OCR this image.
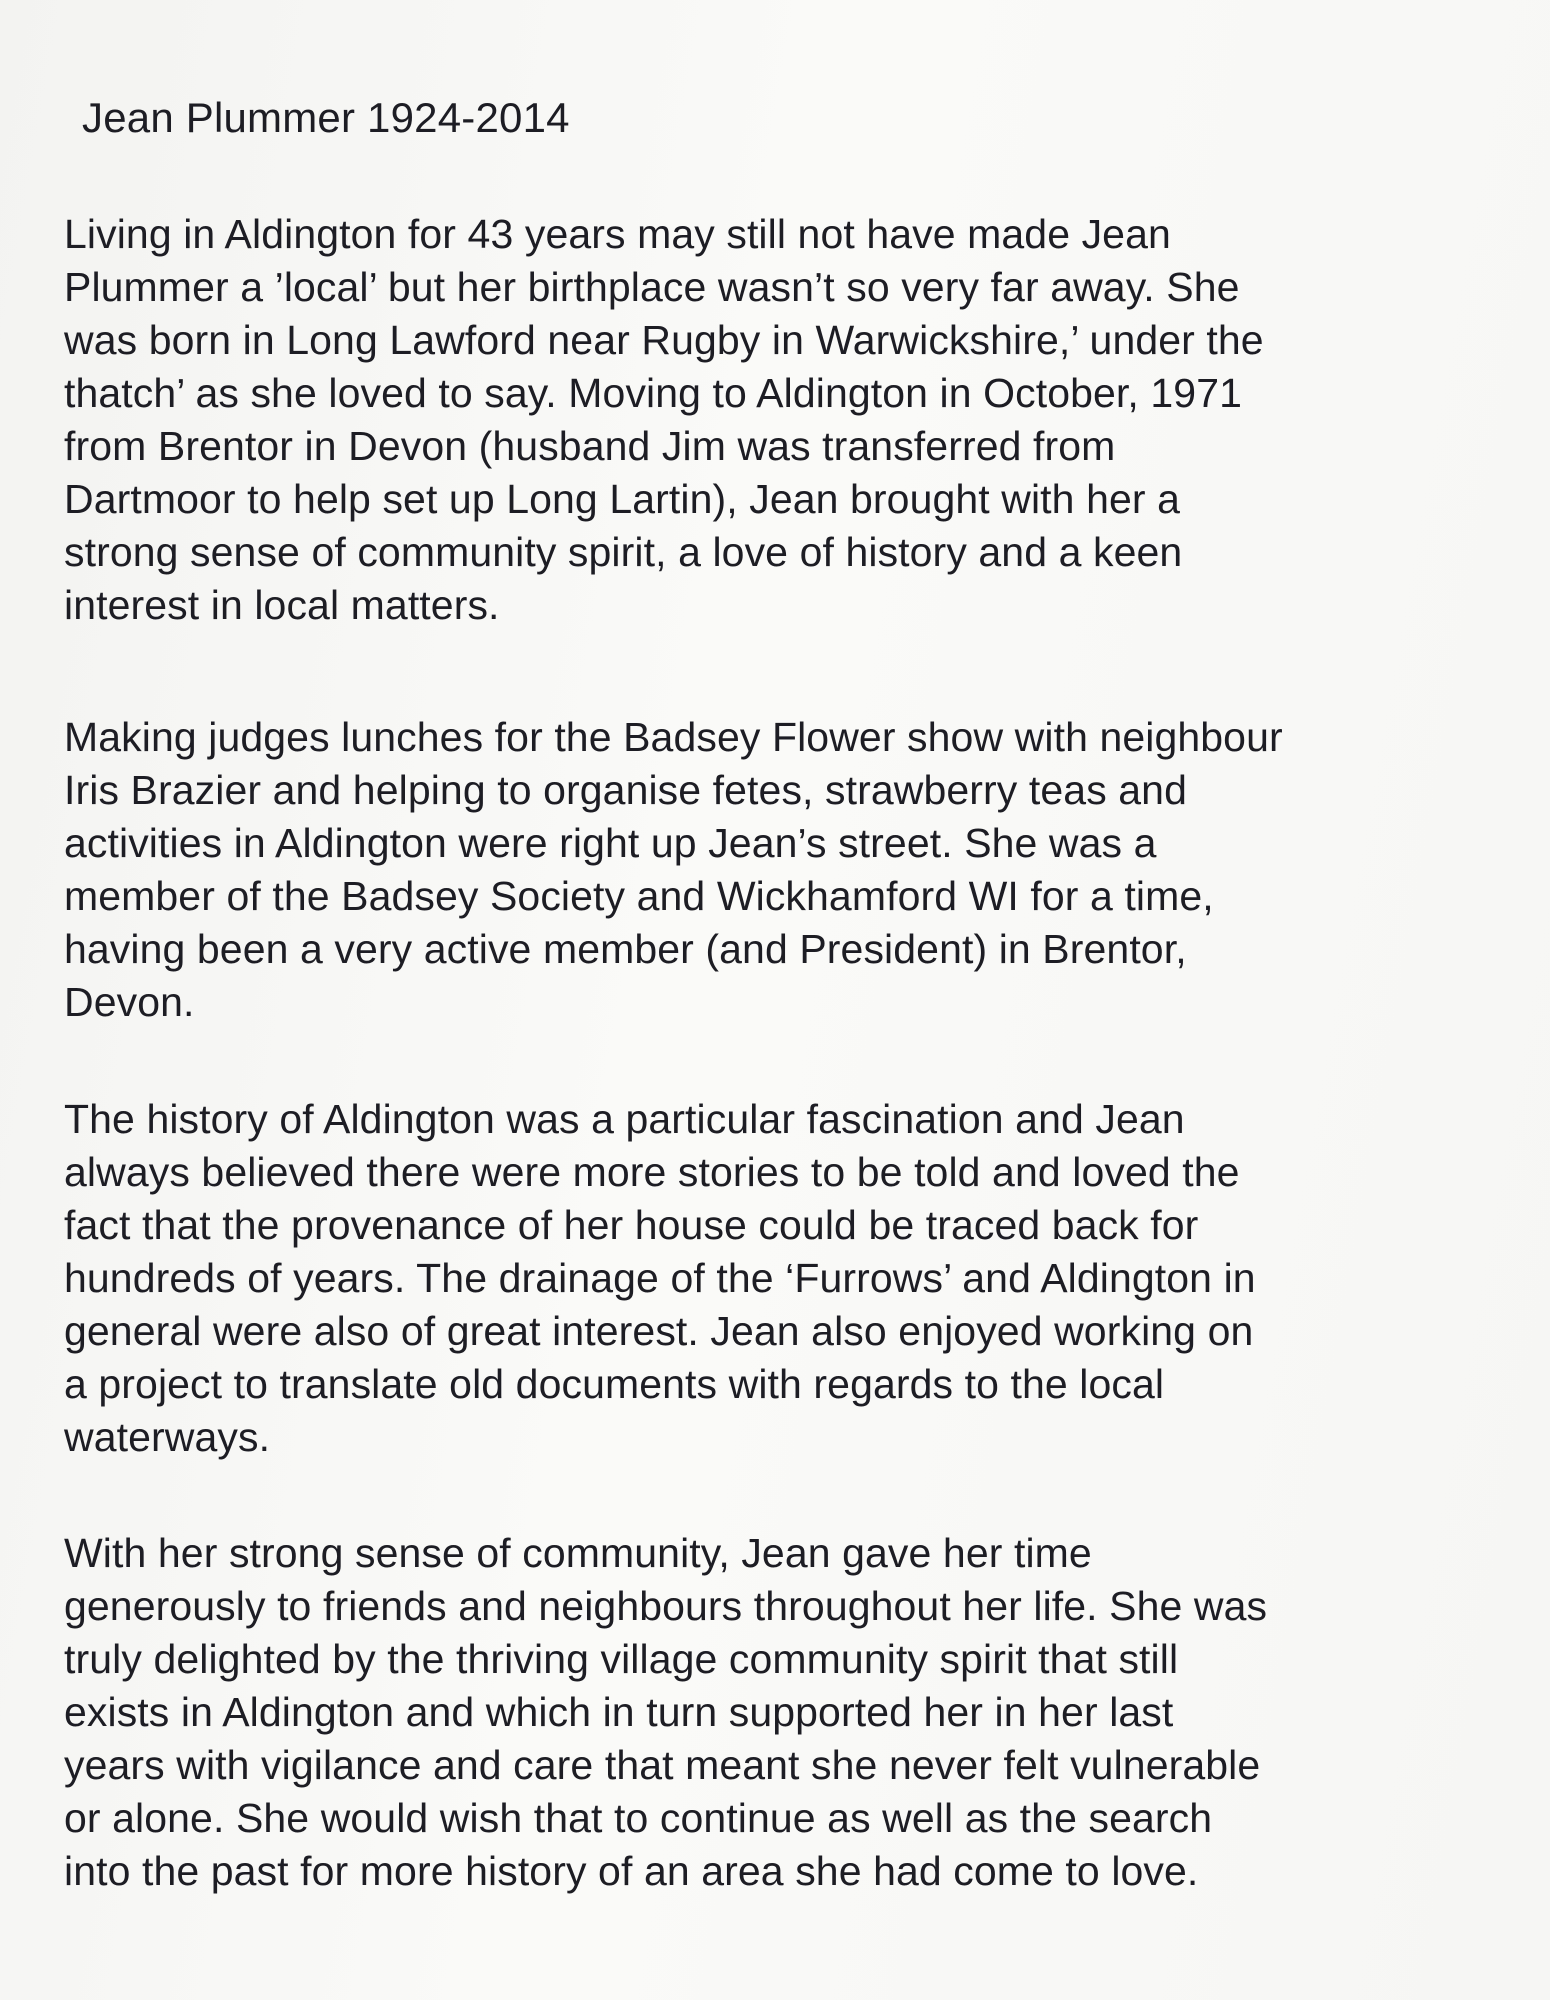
Jean Plummer 1924-2014

Living in Aldington for 43 years may still not have made Jean
Plummer a ’local’ but her birthplace wasn’t so very far away. She
was born in Long Lawford near Rugby in Warwickshire,’ under the
thatch’ as she loved to say. Moving to Aldington in October, 1971
from Brentor in Devon (husband Jim was transferred from
Dartmoor to help set up Long Lartin), Jean brought with her a
strong sense of community spirit, a love of history and a keen
interest in local matters.

Making judges lunches for the Badsey Flower show with neighbour
Iris Brazier and helping to organise fetes, strawberry teas and
activities in Aldington were right up Jean’s street. She was a
member of the Badsey Society and Wickhamford WI for a time,
having been a very active member (and President) in Brentor,
Devon.

The history of Aldington was a particular fascination and Jean
always believed there were more stories to be told and loved the
fact that the provenance of her house could be traced back for
hundreds of years. The drainage of the ‘Furrows’ and Aldington in
general were also of great interest. Jean also enjoyed working on
a project to translate old documents with regards to the local
waterways.

With her strong sense of community, Jean gave her time
generously to friends and neighbours throughout her life. She was
truly delighted by the thriving village community spirit that still
exists in Aldington and which in turn supported her in her last
years with vigilance and care that meant she never felt vulnerable
or alone. She would wish that to continue as well as the search
into the past for more history of an area she had come to love.
